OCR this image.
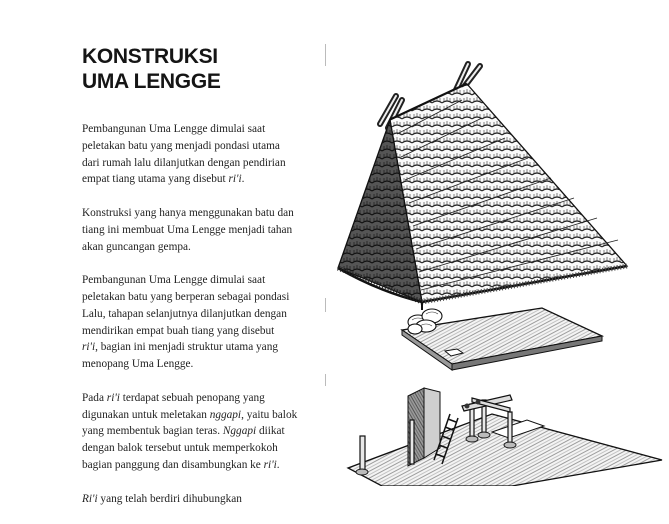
KONSTRUKSI
UMA LENGGE

Pembangunan Uma Lengge dimulai saat
peletakan batu yang menjadi pondasi utama
dari rumah lalu dilanjutkan dengan pendirian
empat tiang utama yang disebut ri'i.

Konstruksi yang hanya menggunakan batu dan
tiang ini membuat Uma Lengge menjadi tahan
akan guncangan gempa.

Pembangunan Uma Lengge dimulai saat
peletakan batu yang berperan sebagai pondasi
Lalu, tahapan selanjutnya dilanjutkan dengan
mendirikan empat buah tiang yang disebut
ri'i, bagian ini menjadi struktur utama yang
menopang Uma Lengge.

Pada ri'i terdapat sebuah penopang yang
digunakan untuk meletakan nggapi, yaitu balok
yang membentuk bagian teras. Nggapi diikat
dengan balok tersebut untuk memperkokoh
bagian panggung dan disambungkan ke ri'i.

Ri'i yang telah berdiri dihubungkan
